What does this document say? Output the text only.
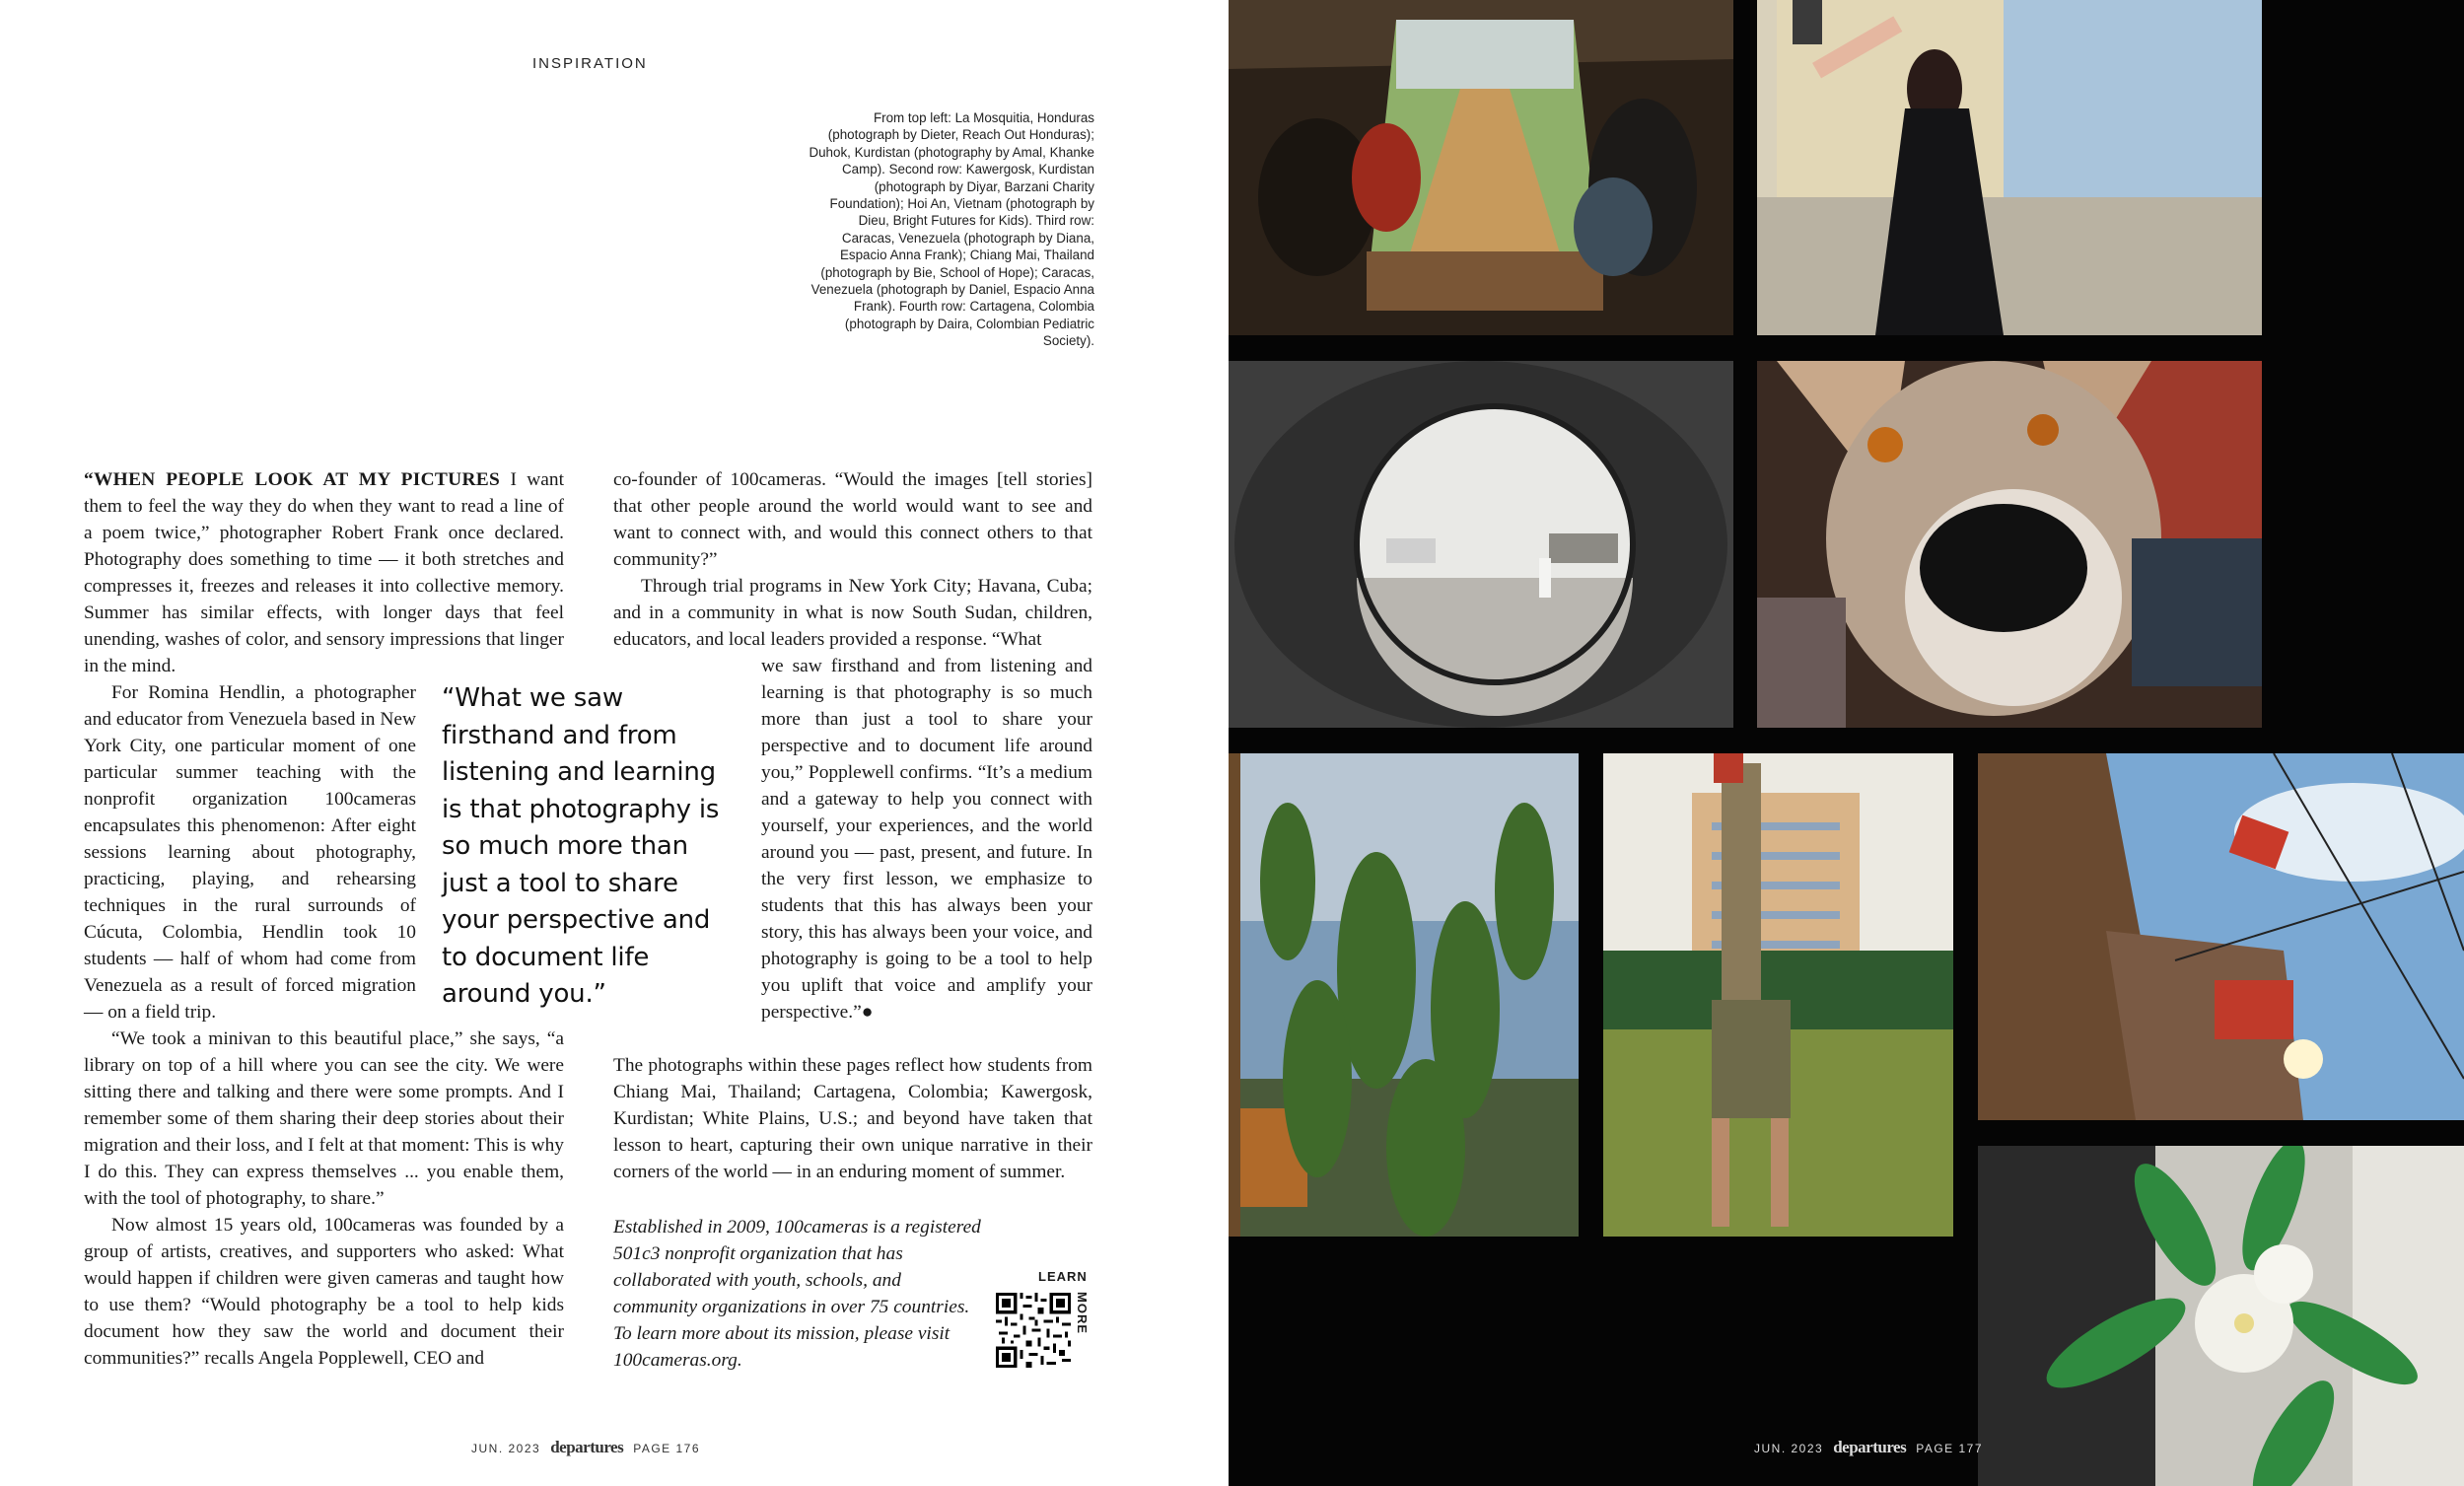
INSPIRATION
From top left: La Mosquitia, Honduras (photograph by Dieter, Reach Out Honduras); Duhok, Kurdistan (photography by Amal, Khanke Camp). Second row: Kawergosk, Kurdistan (photograph by Diyar, Barzani Charity Foundation); Hoi An, Vietnam (photograph by Dieu, Bright Futures for Kids). Third row: Caracas, Venezuela (photograph by Diana, Espacio Anna Frank); Chiang Mai, Thailand (photograph by Bie, School of Hope); Caracas, Venezuela (photograph by Daniel, Espacio Anna Frank). Fourth row: Cartagena, Colombia (photograph by Daira, Colombian Pediatric Society).

“WHEN PEOPLE LOOK AT MY PICTURES I want them to feel the way they do when they want to read a line of a poem twice,” photographer Robert Frank once declared. Photography does something to time — it both stretches and compresses it, freezes and releases it into collective memory. Summer has similar effects, with longer days that feel unending, washes of color, and sensory impressions that linger in the mind.

For Romina Hendlin, a photographer and educator from Venezuela based in New York City, one particular moment of one particular summer teaching with the nonprofit organization 100cameras encapsulates this phenomenon: After eight sessions learning about photography, practicing, playing, and rehearsing techniques in the rural surrounds of Cúcuta, Colombia, Hendlin took 10 students — half of whom had come from Venezuela as a result of forced migration — on a field trip.

“We took a minivan to this beautiful place,” she says, “a library on top of a hill where you can see the city. We were sitting there and talking and there were some prompts. And I remember some of them sharing their deep stories about their migration and their loss, and I felt at that moment: This is why I do this. They can express themselves ... you enable them, with the tool of photography, to share.”

Now almost 15 years old, 100cameras was founded by a group of artists, creatives, and supporters who asked: What would happen if children were given cameras and taught how to use them? “Would photography be a tool to help kids document how they saw the world and document their communities?” recalls Angela Popplewell, CEO and

“What we saw firsthand and from listening and learning is that photography is so much more than just a tool to share your perspective and to document life around you.”

co-founder of 100cameras. “Would the images [tell stories] that other people around the world would want to see and want to connect with, and would this connect others to that community?”

Through trial programs in New York City; Havana, Cuba; and in a community in what is now South Sudan, children, educators, and local leaders provided a response. “What

we saw firsthand and from listening and learning is that photography is so much more than just a tool to share your perspective and to document life around you,” Popplewell confirms. “It’s a medium and a gateway to help you connect with yourself, your experiences, and the world around you — past, present, and future. In the very first lesson, we emphasize to students that this has always been your story, this has always been your voice, and photography is going to be a tool to help you uplift that voice and amplify your perspective.”●

The photographs within these pages reflect how students from Chiang Mai, Thailand; Cartagena, Colombia; Kawergosk, Kurdistan; White Plains, U.S.; and beyond have taken that lesson to heart, capturing their own unique narrative in their corners of the world — in an enduring moment of summer.

Established in 2009, 100cameras is a registered 501c3 nonprofit organization that has collaborated with youth, schools, and community organizations in over 75 countries. To learn more about its mission, please visit 100cameras.org.
LEARN
MORE
JUN. 2023 departures PAGE 176	JUN. 2023 departures PAGE 177
